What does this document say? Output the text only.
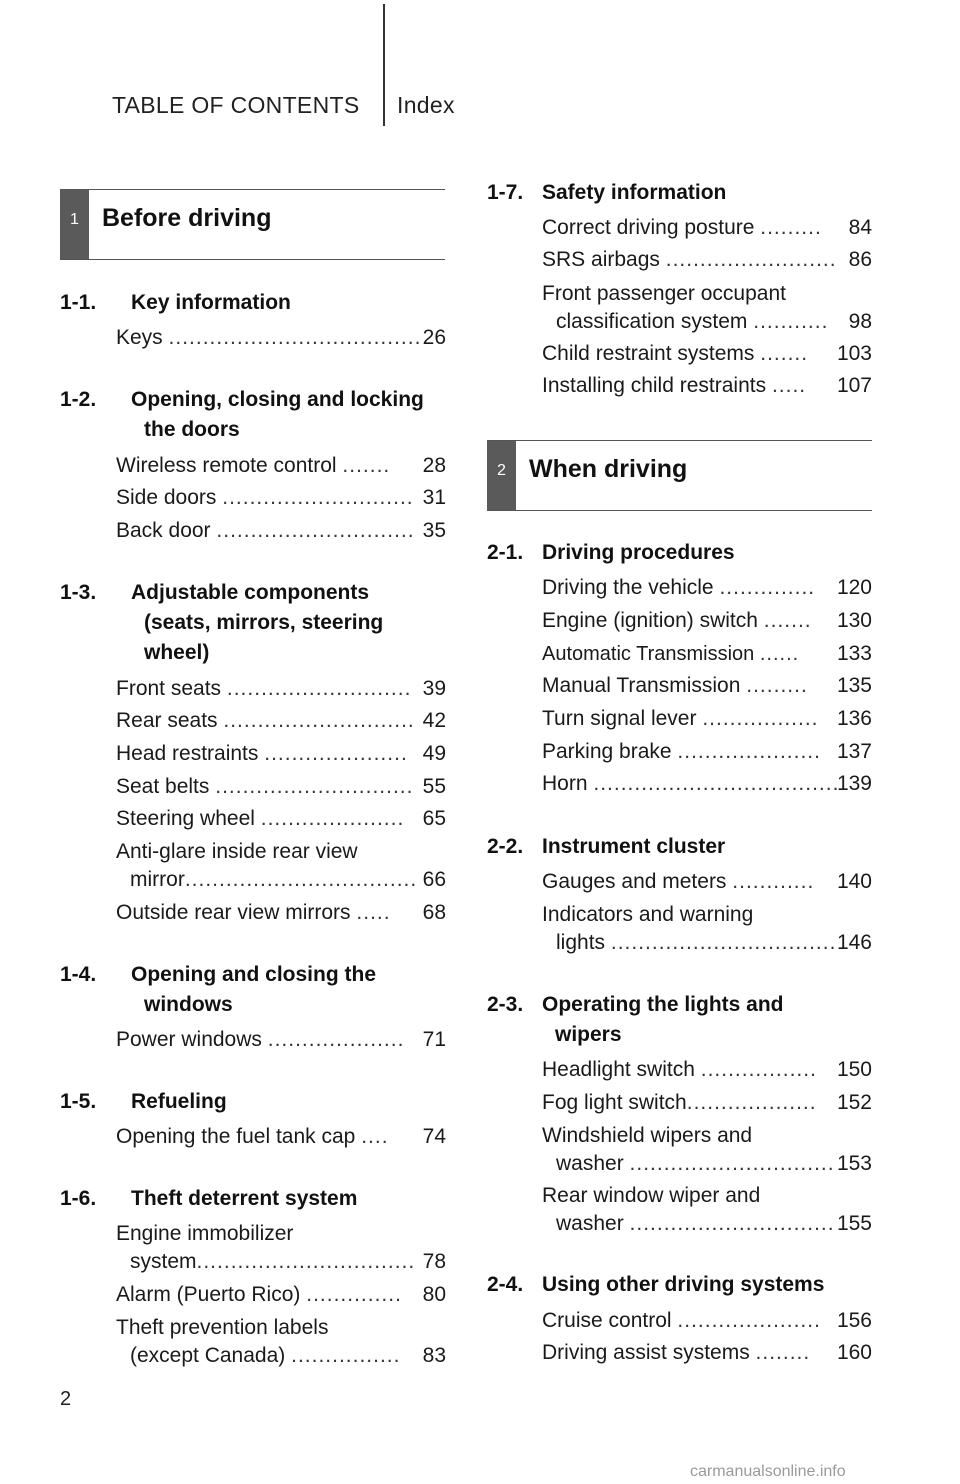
TABLE OF CONTENTS Index
1 Before driving
1-1. Key information
Keys ..................................... 26
1-2. Opening, closing and locking
the doors
Wireless remote control ....... 28
Side doors ............................ 31
Back door ............................. 35
1-3. Adjustable components
(seats, mirrors, steering
wheel)
Front seats ........................... 39
Rear seats ............................ 42
Head restraints ..................... 49
Seat belts ............................. 55
Steering wheel ..................... 65
Anti-glare inside rear view
mirror.................................. 66
Outside rear view mirrors ..... 68
1-4. Opening and closing the
windows
Power windows .................... 71
1-5. Refueling
Opening the fuel tank cap .... 74
1-6. Theft deterrent system
Engine immobilizer
system................................ 78
Alarm (Puerto Rico) .............. 80
Theft prevention labels
(except Canada) ................ 83
1-7. Safety information
Correct driving posture ......... 84
SRS airbags ......................... 86
Front passenger occupant
classification system ........... 98
Child restraint systems ....... 103
Installing child restraints ..... 107
2 When driving
2-1. Driving procedures
Driving the vehicle .............. 120
Engine (ignition) switch ....... 130
Automatic Transmission ...... 133
Manual Transmission ......... 135
Turn signal lever ................. 136
Parking brake ..................... 137
Horn ....................................
139
2-2. Instrument cluster
Gauges and meters ............ 140
Indicators and warning
lights ................................. 146
2-3. Operating the lights and
wipers
Headlight switch ................. 150
Fog light switch................... 152
Windshield wipers and
washer .............................. 153
Rear window wiper and
washer .............................. 155
2-4. Using other driving systems
Cruise control ..................... 156
Driving assist systems ........ 160
2
carmanualsonline.info
